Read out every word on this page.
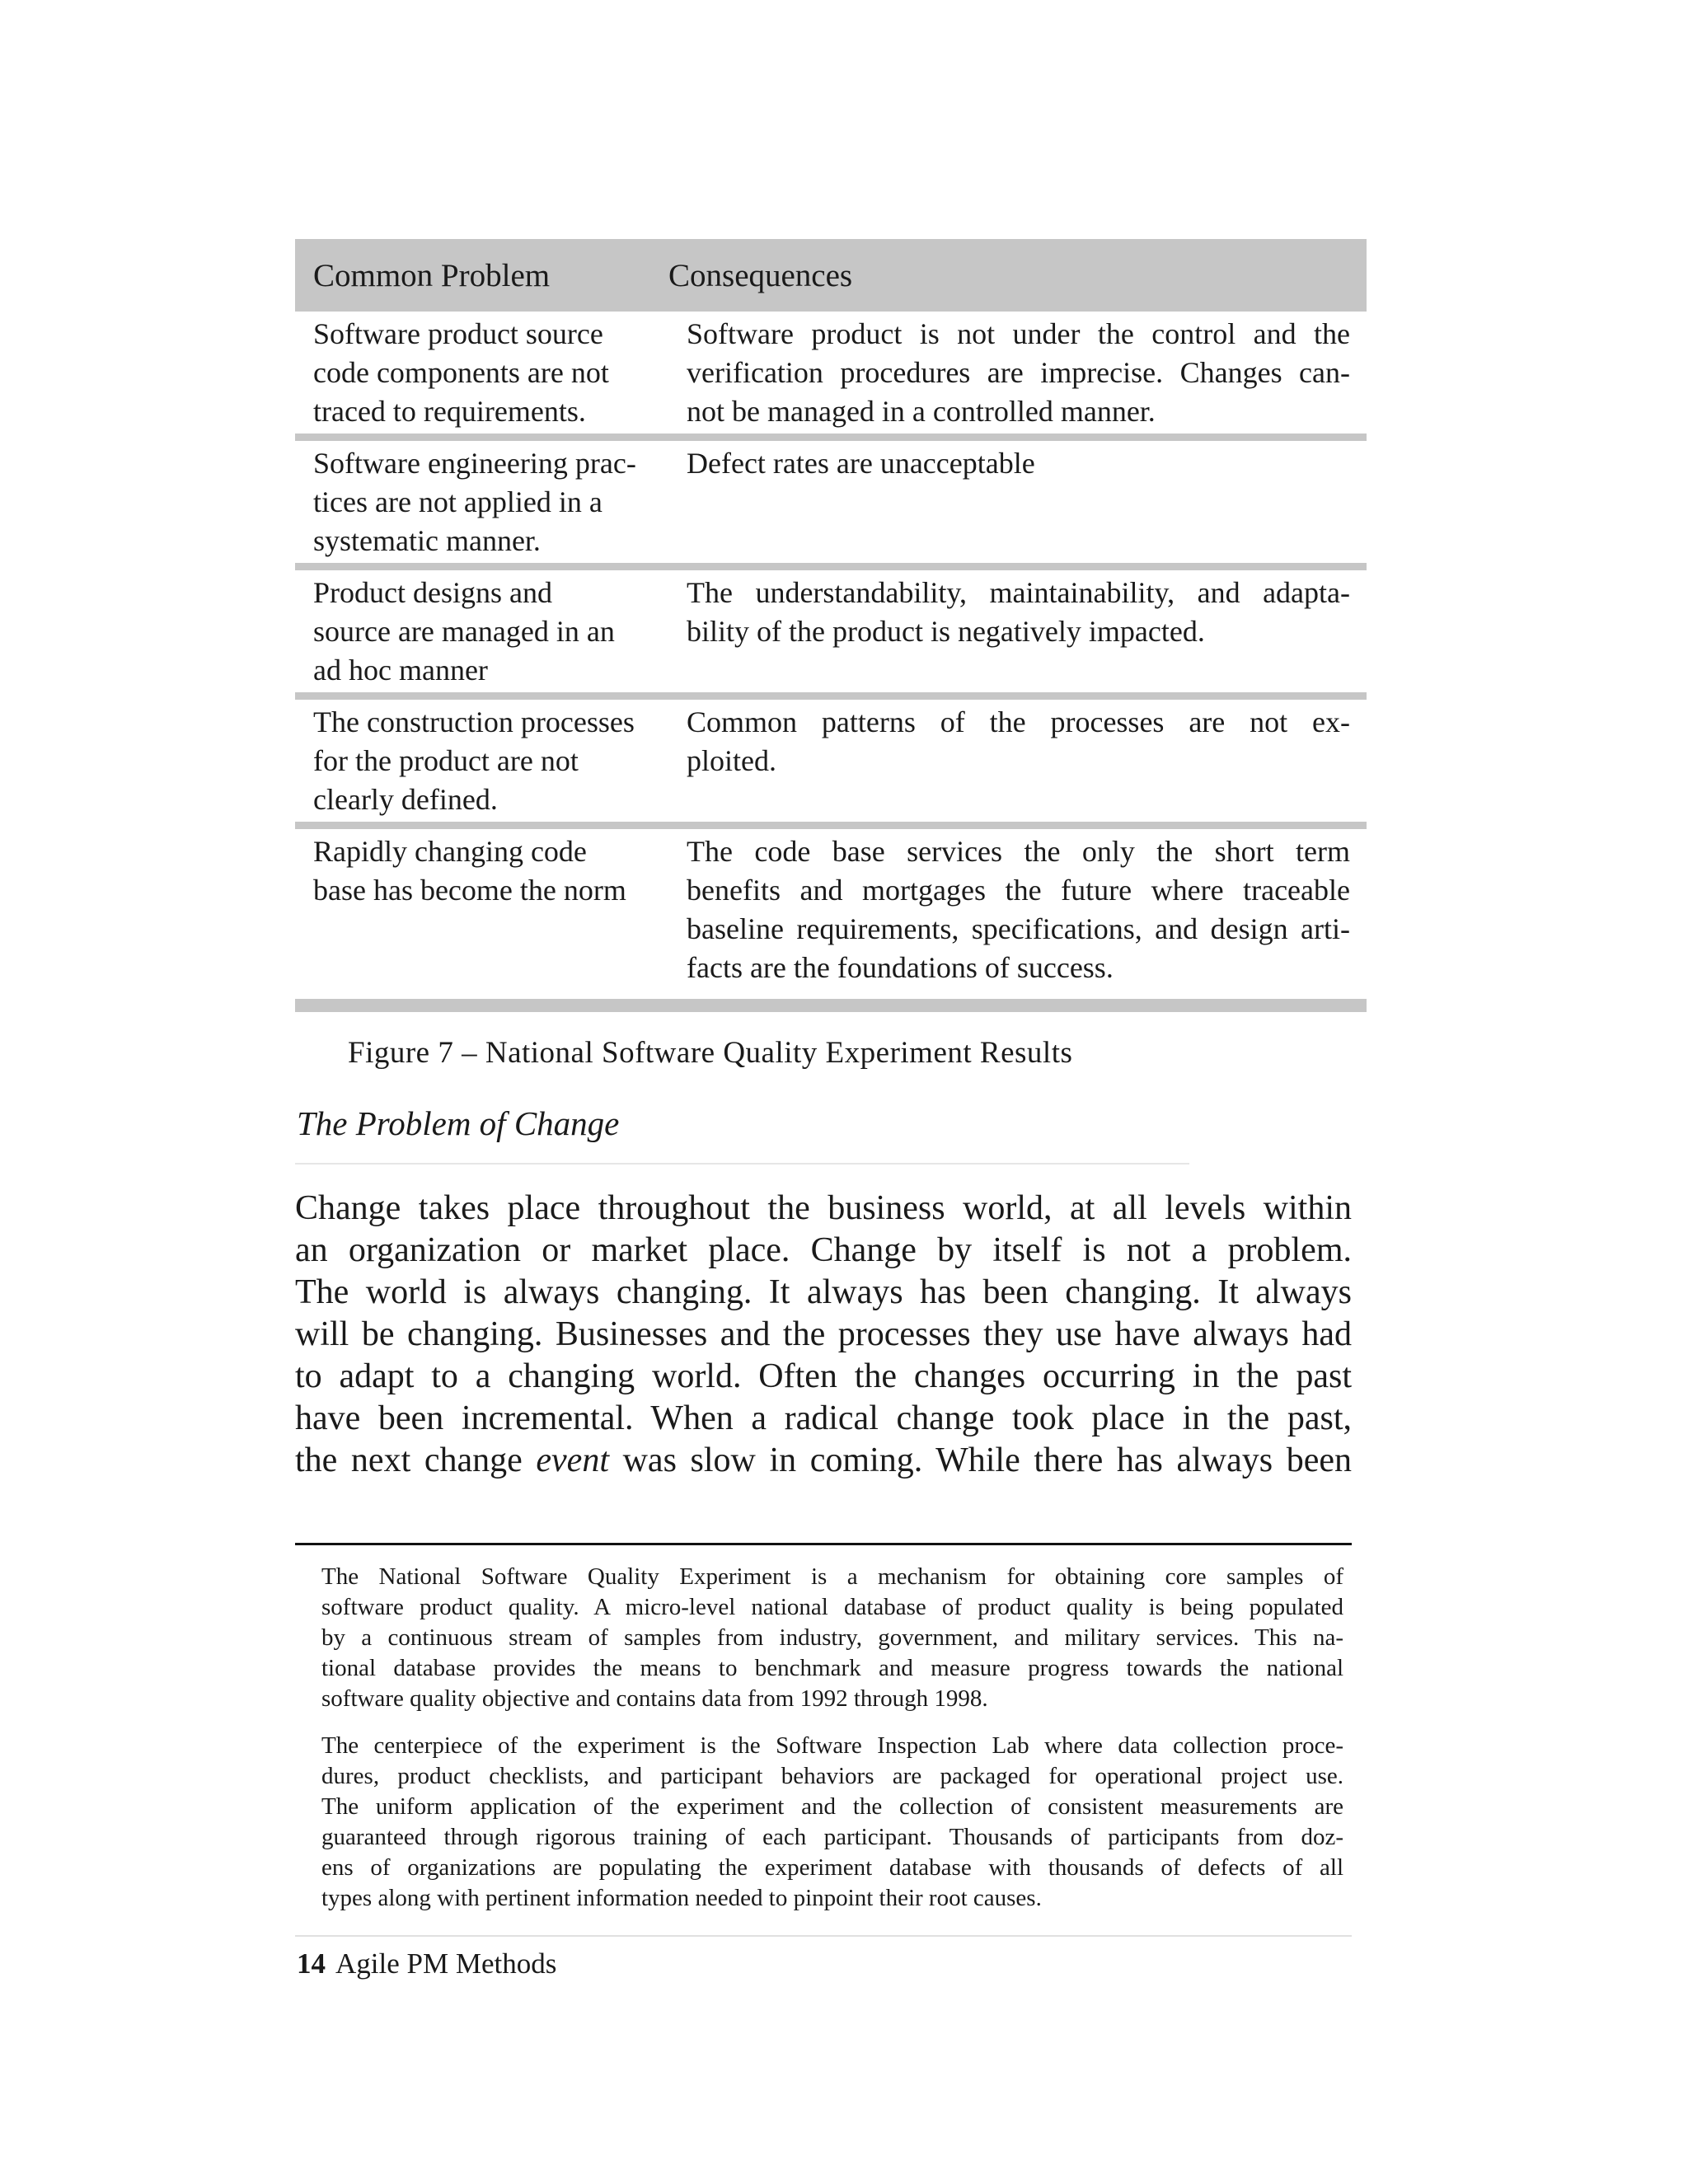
Common Problem	Consequences
Software product source
code components are not
traced to requirements.
Software product is not under the control and the
verification procedures are imprecise. Changes can-
not be managed in a controlled manner.
Software engineering prac-
tices are not applied in a
systematic manner.
Defect rates are unacceptable
Product designs and
source are managed in an
ad hoc manner
The understandability, maintainability, and adapta-
bility of the product is negatively impacted.
The construction processes
for the product are not
clearly defined.
Common patterns of the processes are not ex-
ploited.
Rapidly changing code
base has become the norm
The code base services the only the short term
benefits and mortgages the future where traceable
baseline requirements, specifications, and design arti-
facts are the foundations of success.
Figure 7 – National Software Quality Experiment Results
The Problem of Change
Change takes place throughout the business world, at all levels within
an organization or market place. Change by itself is not a problem.
The world is always changing. It always has been changing. It always
will be changing. Businesses and the processes they use have always had
to adapt to a changing world. Often the changes occurring in the past
have been incremental. When a radical change took place in the past,
the next change event was slow in coming. While there has always been
The National Software Quality Experiment is a mechanism for obtaining core samples of
software product quality. A micro-level national database of product quality is being populated
by a continuous stream of samples from industry, government, and military services. This na-
tional database provides the means to benchmark and measure progress towards the national
software quality objective and contains data from 1992 through 1998.
The centerpiece of the experiment is the Software Inspection Lab where data collection proce-
dures, product checklists, and participant behaviors are packaged for operational project use.
The uniform application of the experiment and the collection of consistent measurements are
guaranteed through rigorous training of each participant. Thousands of participants from doz-
ens of organizations are populating the experiment database with thousands of defects of all
types along with pertinent information needed to pinpoint their root causes.
14 Agile PM Methods
